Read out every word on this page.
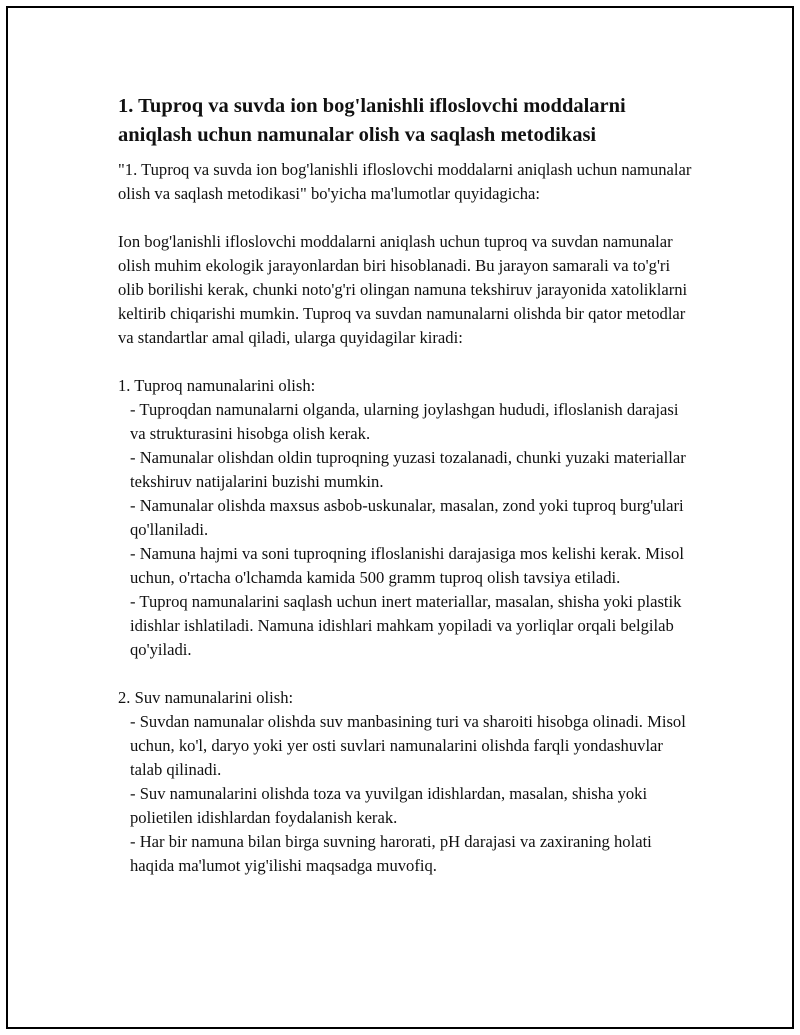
1. Tuproq va suvda ion bog'lanishli ifloslovchi moddalarni aniqlash uchun namunalar olish va saqlash metodikasi

"1. Tuproq va suvda ion bog'lanishli ifloslovchi moddalarni aniqlash uchun namunalar olish va saqlash metodikasi" bo'yicha ma'lumotlar quyidagicha:

Ion bog'lanishli ifloslovchi moddalarni aniqlash uchun tuproq va suvdan namunalar olish muhim ekologik jarayonlardan biri hisoblanadi. Bu jarayon samarali va to'g'ri olib borilishi kerak, chunki noto'g'ri olingan namuna tekshiruv jarayonida xatoliklarni keltirib chiqarishi mumkin. Tuproq va suvdan namunalarni olishda bir qator metodlar va standartlar amal qiladi, ularga quyidagilar kiradi:

1. Tuproq namunalarini olish:

- Tuproqdan namunalarni olganda, ularning joylashgan hududi, ifloslanish darajasi va strukturasini hisobga olish kerak.

- Namunalar olishdan oldin tuproqning yuzasi tozalanadi, chunki yuzaki materiallar tekshiruv natijalarini buzishi mumkin.

- Namunalar olishda maxsus asbob-uskunalar, masalan, zond yoki tuproq burg'ulari qo'llaniladi.

- Namuna hajmi va soni tuproqning ifloslanishi darajasiga mos kelishi kerak. Misol uchun, o'rtacha o'lchamda kamida 500 gramm tuproq olish tavsiya etiladi.

- Tuproq namunalarini saqlash uchun inert materiallar, masalan, shisha yoki plastik idishlar ishlatiladi. Namuna idishlari mahkam yopiladi va yorliqlar orqali belgilab qo'yiladi.

2. Suv namunalarini olish:

- Suvdan namunalar olishda suv manbasining turi va sharoiti hisobga olinadi. Misol uchun, ko'l, daryo yoki yer osti suvlari namunalarini olishda farqli yondashuvlar talab qilinadi.

- Suv namunalarini olishda toza va yuvilgan idishlardan, masalan, shisha yoki polietilen idishlardan foydalanish kerak.

- Har bir namuna bilan birga suvning harorati, pH darajasi va zaxiraning holati haqida ma'lumot yig'ilishi maqsadga muvofiq.
